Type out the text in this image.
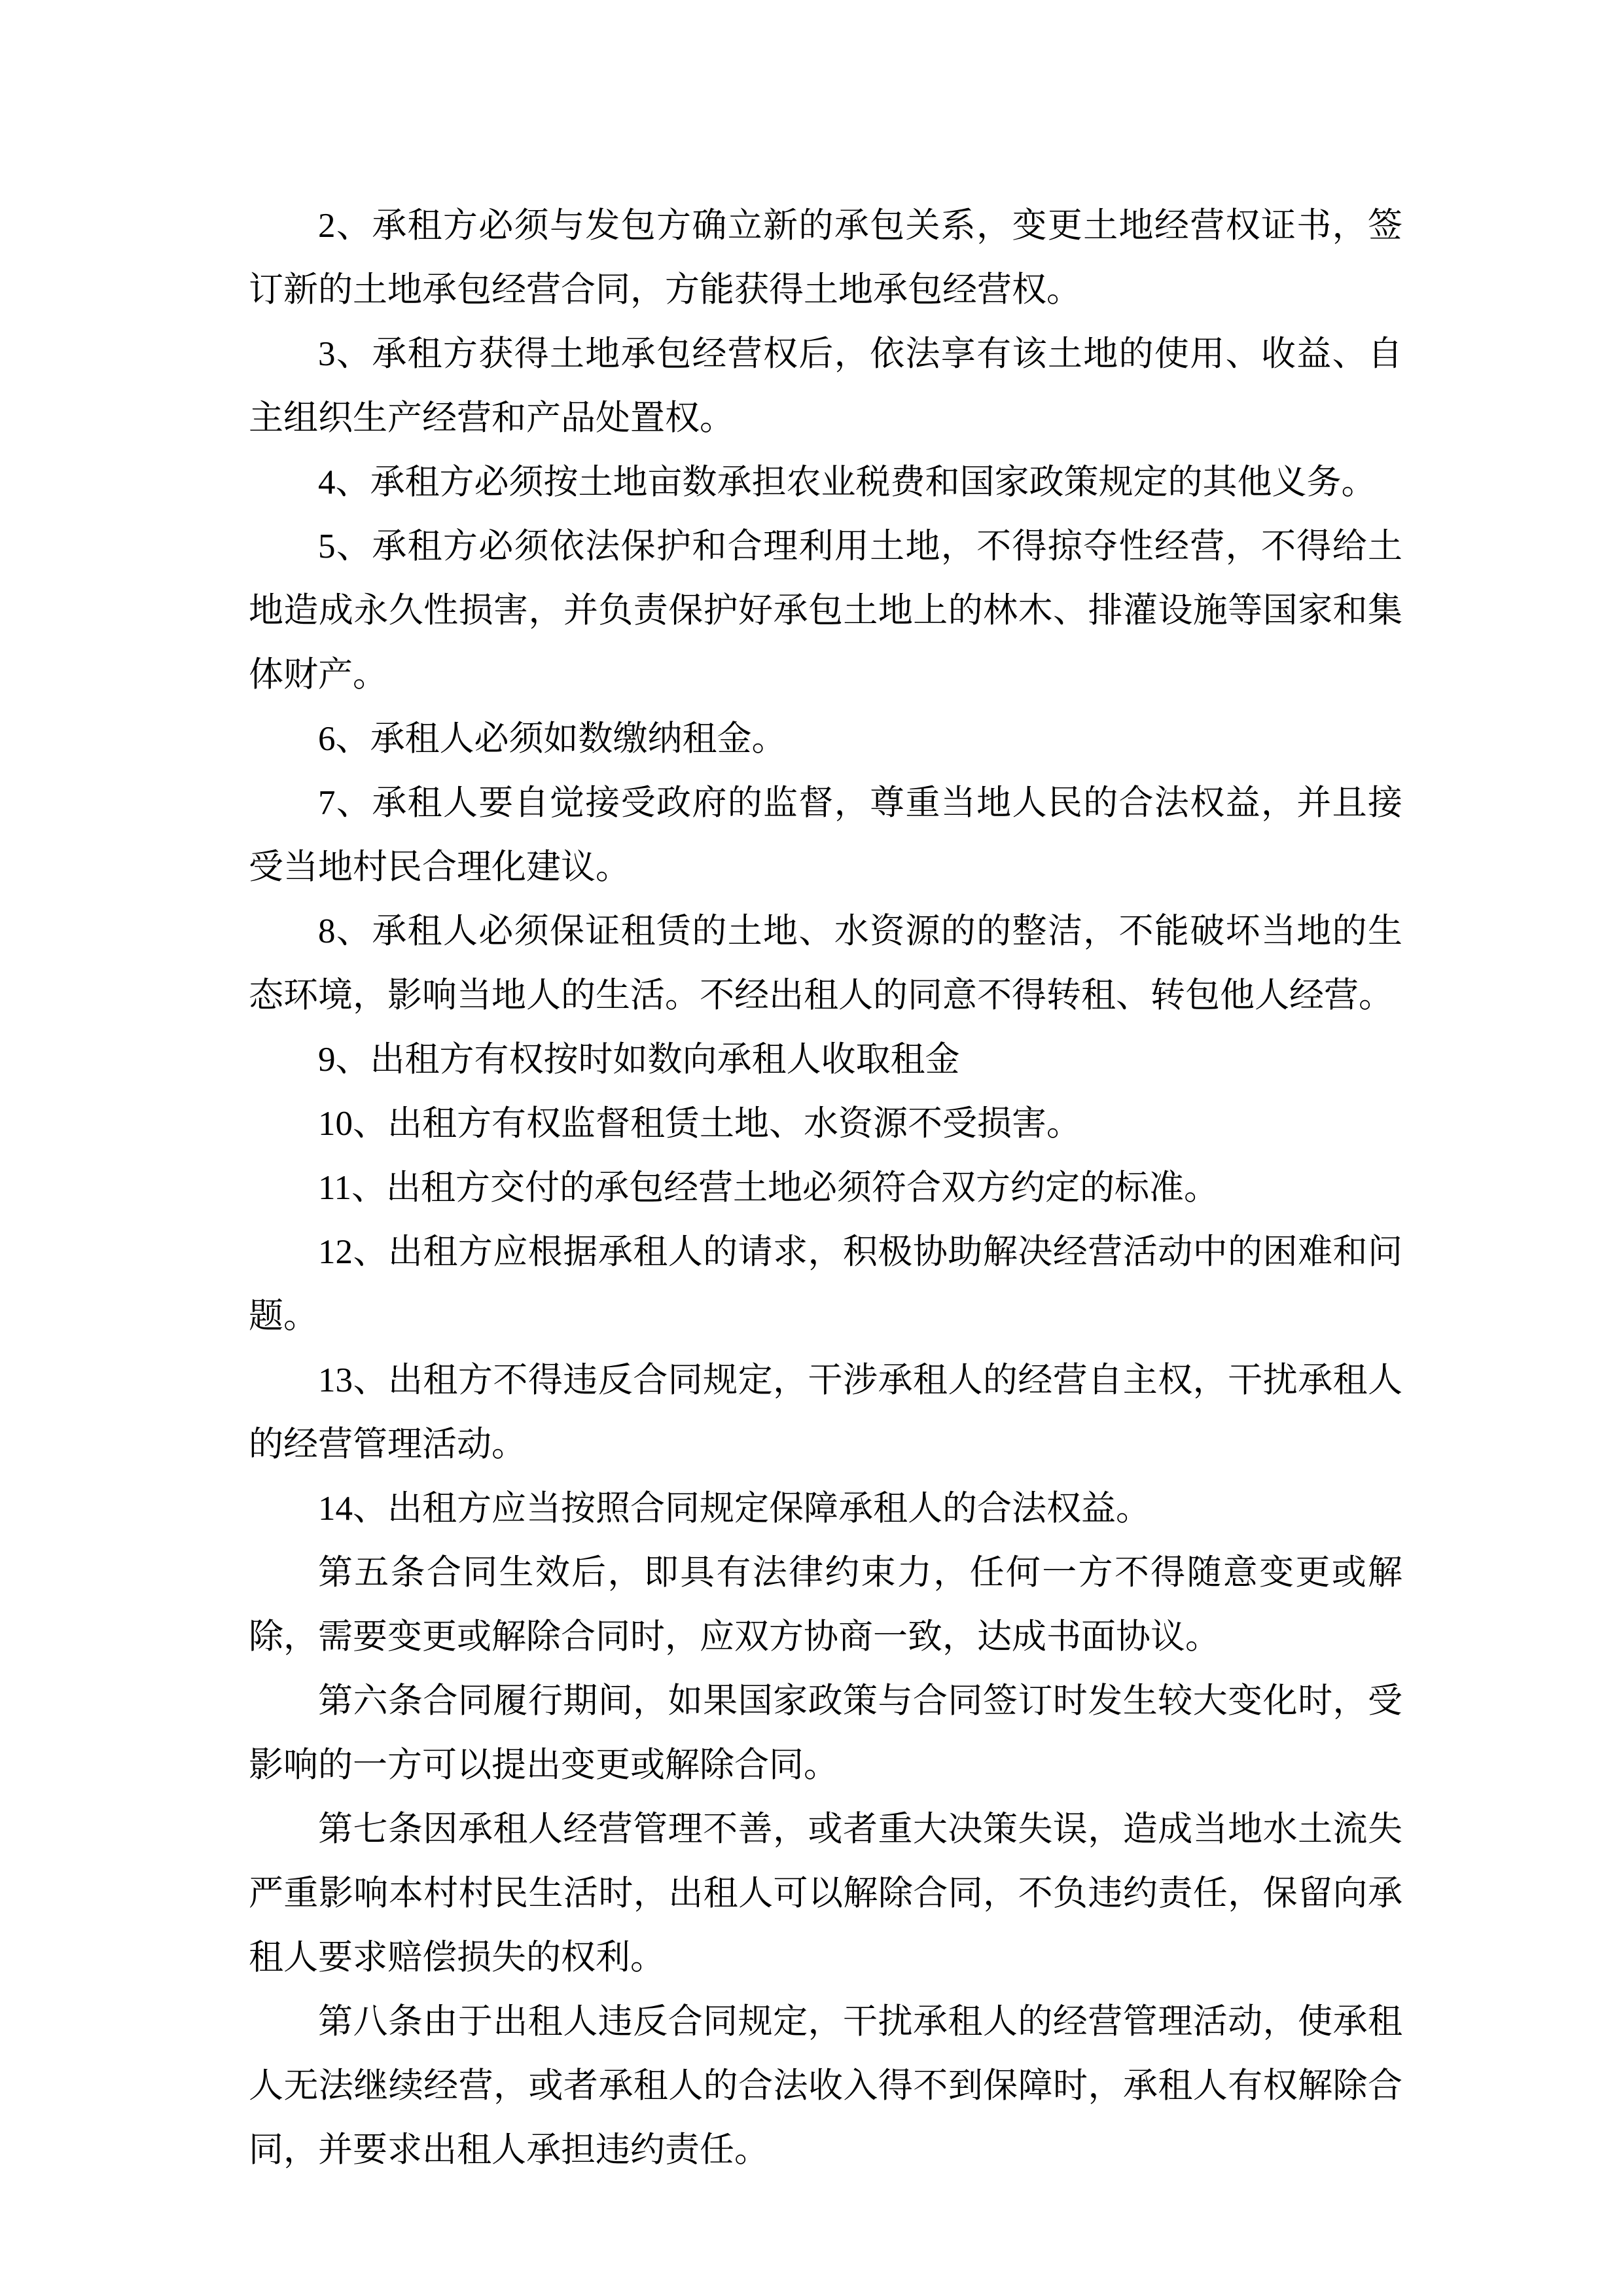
2、承租方必须与发包方确立新的承包关系，变更土地经营权证书，签订新的土地承包经营合同，方能获得土地承包经营权。

3、承租方获得土地承包经营权后，依法享有该土地的使用、收益、自主组织生产经营和产品处置权。

4、承租方必须按土地亩数承担农业税费和国家政策规定的其他义务。

5、承租方必须依法保护和合理利用土地，不得掠夺性经营，不得给土地造成永久性损害，并负责保护好承包土地上的林木、排灌设施等国家和集体财产。

6、承租人必须如数缴纳租金。

7、承租人要自觉接受政府的监督，尊重当地人民的合法权益，并且接受当地村民合理化建议。

8、承租人必须保证租赁的土地、水资源的的整洁，不能破坏当地的生态环境，影响当地人的生活。不经出租人的同意不得转租、转包他人经营。

9、出租方有权按时如数向承租人收取租金

10、出租方有权监督租赁土地、水资源不受损害。

11、出租方交付的承包经营土地必须符合双方约定的标准。

12、出租方应根据承租人的请求，积极协助解决经营活动中的困难和问题。

13、出租方不得违反合同规定，干涉承租人的经营自主权，干扰承租人的经营管理活动。

14、出租方应当按照合同规定保障承租人的合法权益。

第五条合同生效后，即具有法律约束力，任何一方不得随意变更或解除，需要变更或解除合同时，应双方协商一致，达成书面协议。

第六条合同履行期间，如果国家政策与合同签订时发生较大变化时，受影响的一方可以提出变更或解除合同。

第七条因承租人经营管理不善，或者重大决策失误，造成当地水土流失严重影响本村村民生活时，出租人可以解除合同，不负违约责任，保留向承租人要求赔偿损失的权利。

第八条由于出租人违反合同规定，干扰承租人的经营管理活动，使承租人无法继续经营，或者承租人的合法收入得不到保障时，承租人有权解除合同，并要求出租人承担违约责任。
